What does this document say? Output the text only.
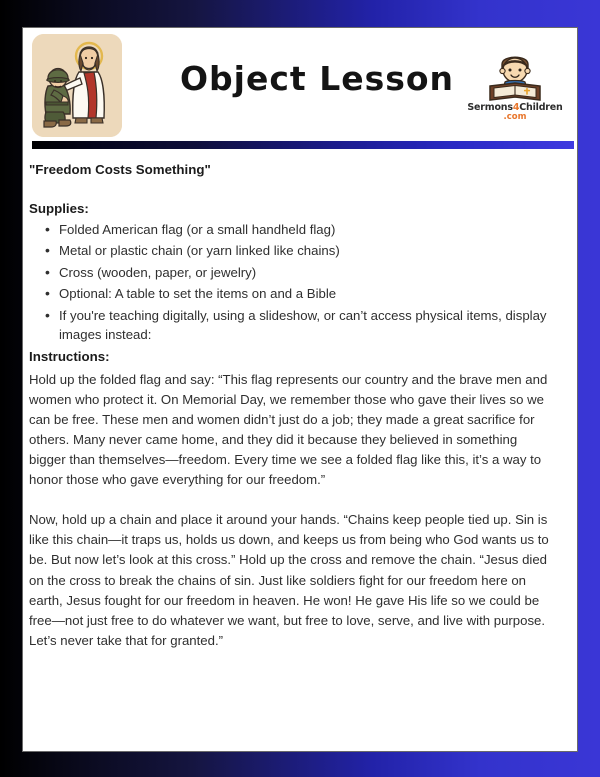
Object Lesson
Sermons4Children
.com
"Freedom Costs Something"
Supplies:
• Folded American flag (or a small handheld flag)
• Metal or plastic chain (or yarn linked like chains)
• Cross (wooden, paper, or jewelry)
• Optional: A table to set the items on and a Bible
• If you're teaching digitally, using a slideshow, or can’t access physical items, display images instead:
Instructions:

Hold up the folded flag and say: “This flag represents our country and the brave men and women who protect it. On Memorial Day, we remember those who gave their lives so we can be free. These men and women didn’t just do a job; they made a great sacrifice for others. Many never came home, and they did it because they believed in something bigger than themselves—freedom. Every time we see a folded flag like this, it’s a way to honor those who gave everything for our freedom.”

Now, hold up a chain and place it around your hands. “Chains keep people tied up. Sin is like this chain—it traps us, holds us down, and keeps us from being who God wants us to be. But now let’s look at this cross.” Hold up the cross and remove the chain. “Jesus died on the cross to break the chains of sin. Just like soldiers fight for our freedom here on earth, Jesus fought for our freedom in heaven. He won! He gave His life so we could be free—not just free to do whatever we want, but free to love, serve, and live with purpose. Let’s never take that for granted.”
